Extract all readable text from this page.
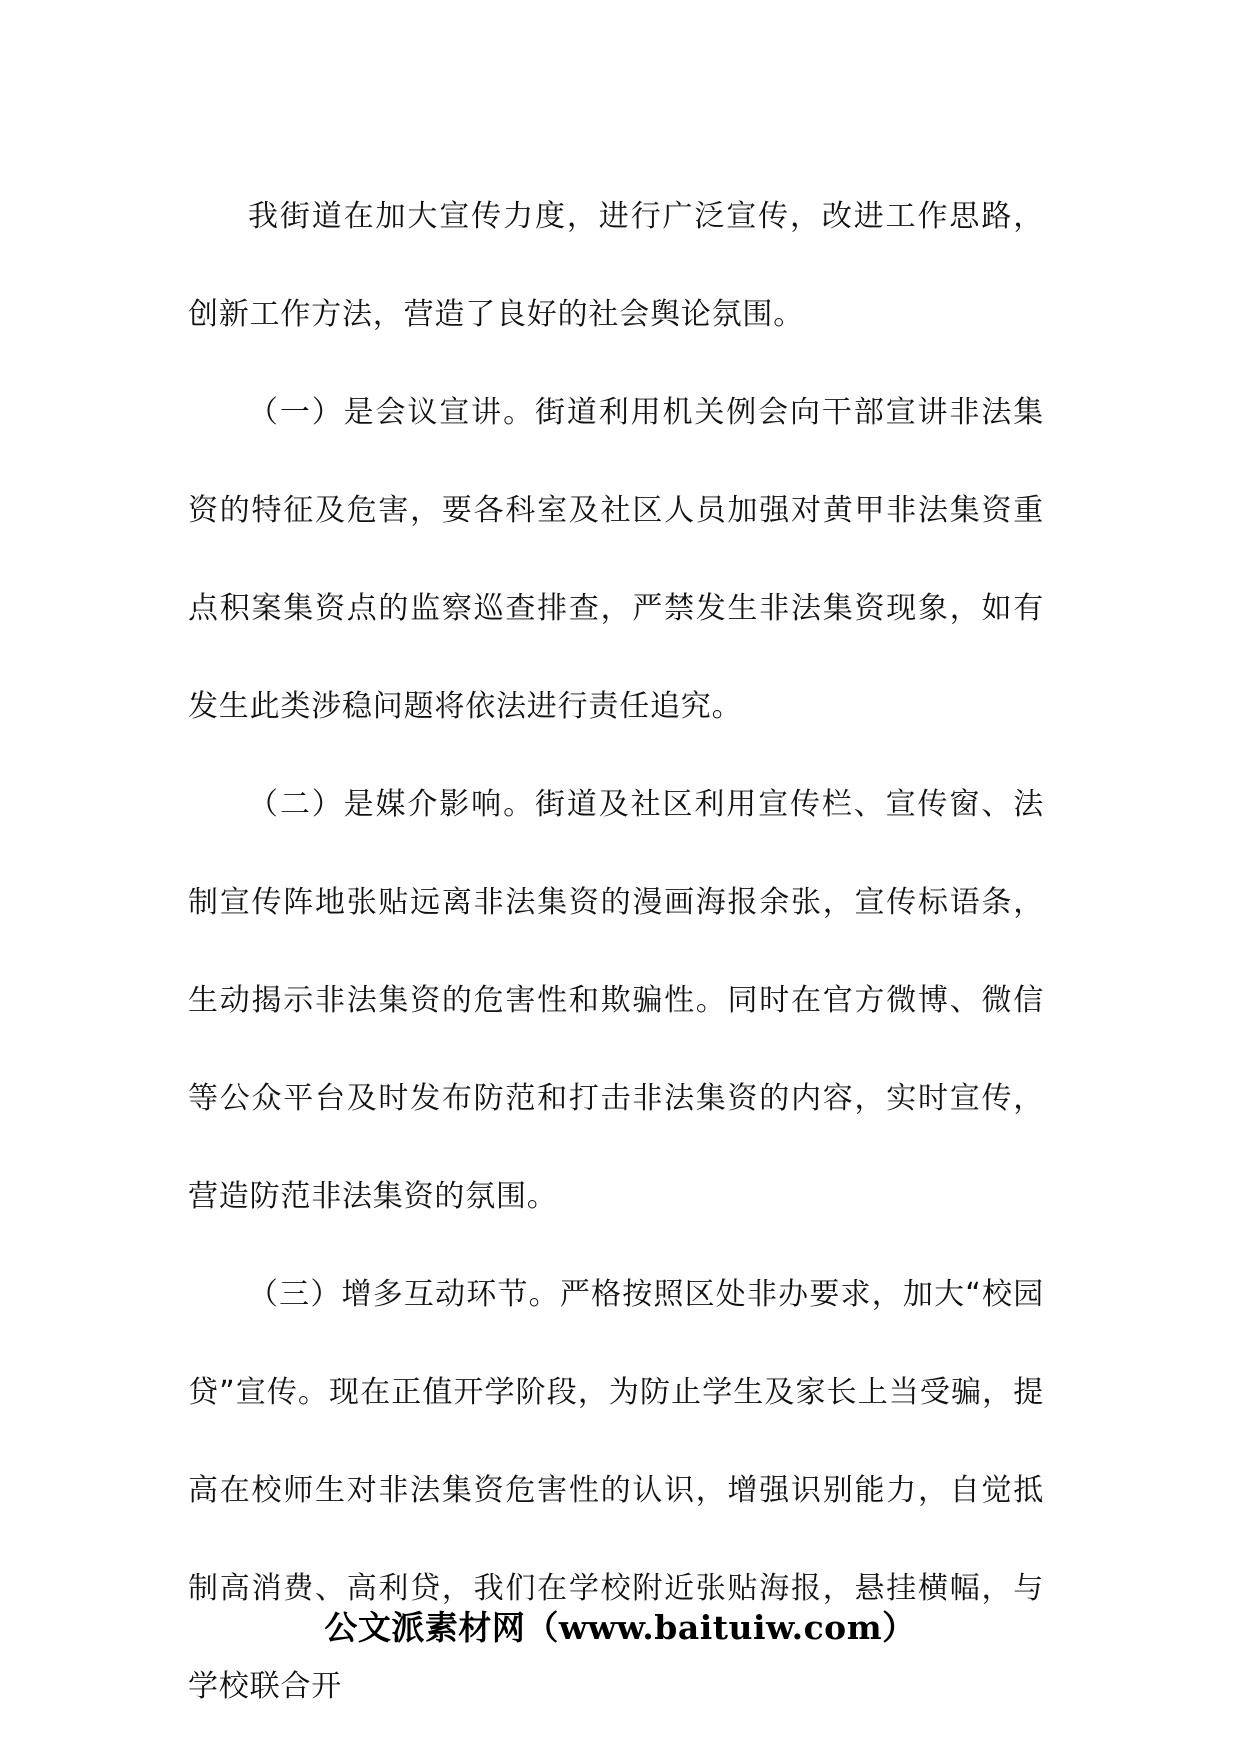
我街道在加大宣传力度，进行广泛宣传，改进工作思路，创新工作方法，营造了良好的社会舆论氛围。

（一）是会议宣讲。街道利用机关例会向干部宣讲非法集资的特征及危害，要各科室及社区人员加强对黄甲非法集资重点积案集资点的监察巡查排查，严禁发生非法集资现象，如有发生此类涉稳问题将依法进行责任追究。

（二）是媒介影响。街道及社区利用宣传栏、宣传窗、法制宣传阵地张贴远离非法集资的漫画海报余张，宣传标语条，生动揭示非法集资的危害性和欺骗性。同时在官方微博、微信等公众平台及时发布防范和打击非法集资的内容，实时宣传，营造防范非法集资的氛围。

（三）增多互动环节。严格按照区处非办要求，加大“校园贷”宣传。现在正值开学阶段，为防止学生及家长上当受骗，提高在校师生对非法集资危害性的认识，增强识别能力，自觉抵制高消费、高利贷，我们在学校附近张贴海报，悬挂横幅，与学校联合开

公文派素材网（www.baituiw.com）
